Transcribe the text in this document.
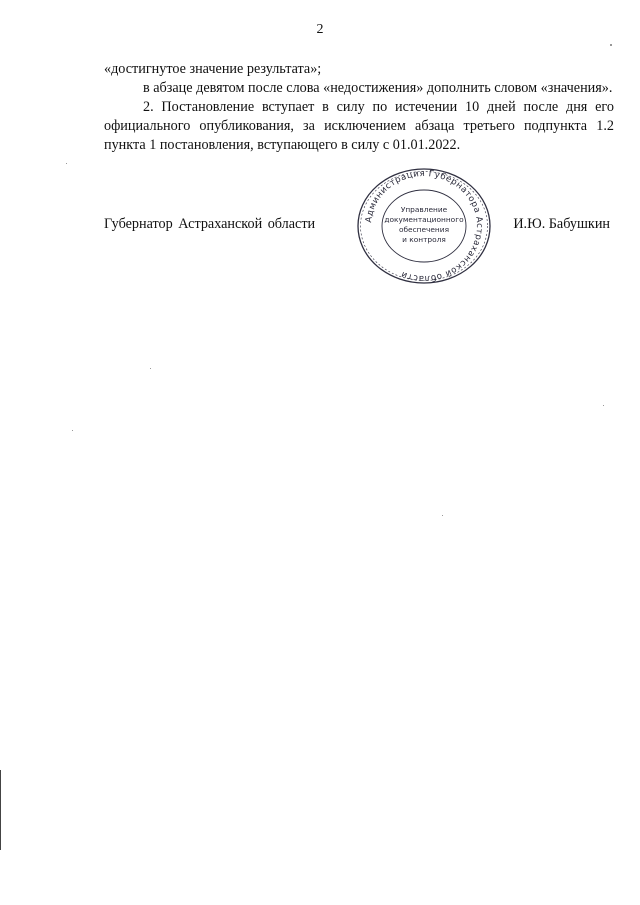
2

«достигнутое значение результата»;

в абзаце девятом после слова «недостижения» дополнить словом «значения».

2. Постановление вступает в силу по истечении 10 дней после дня его официального опубликования, за исключением абзаца третьего подпункта 1.2 пункта 1 постановления, вступающего в силу с 01.01.2022.

Губернатор Астраханской области	И.Ю. Бабушкин
Администрация Губернатора Астраханской области
Управление
документационного
обеспечения
и контроля
